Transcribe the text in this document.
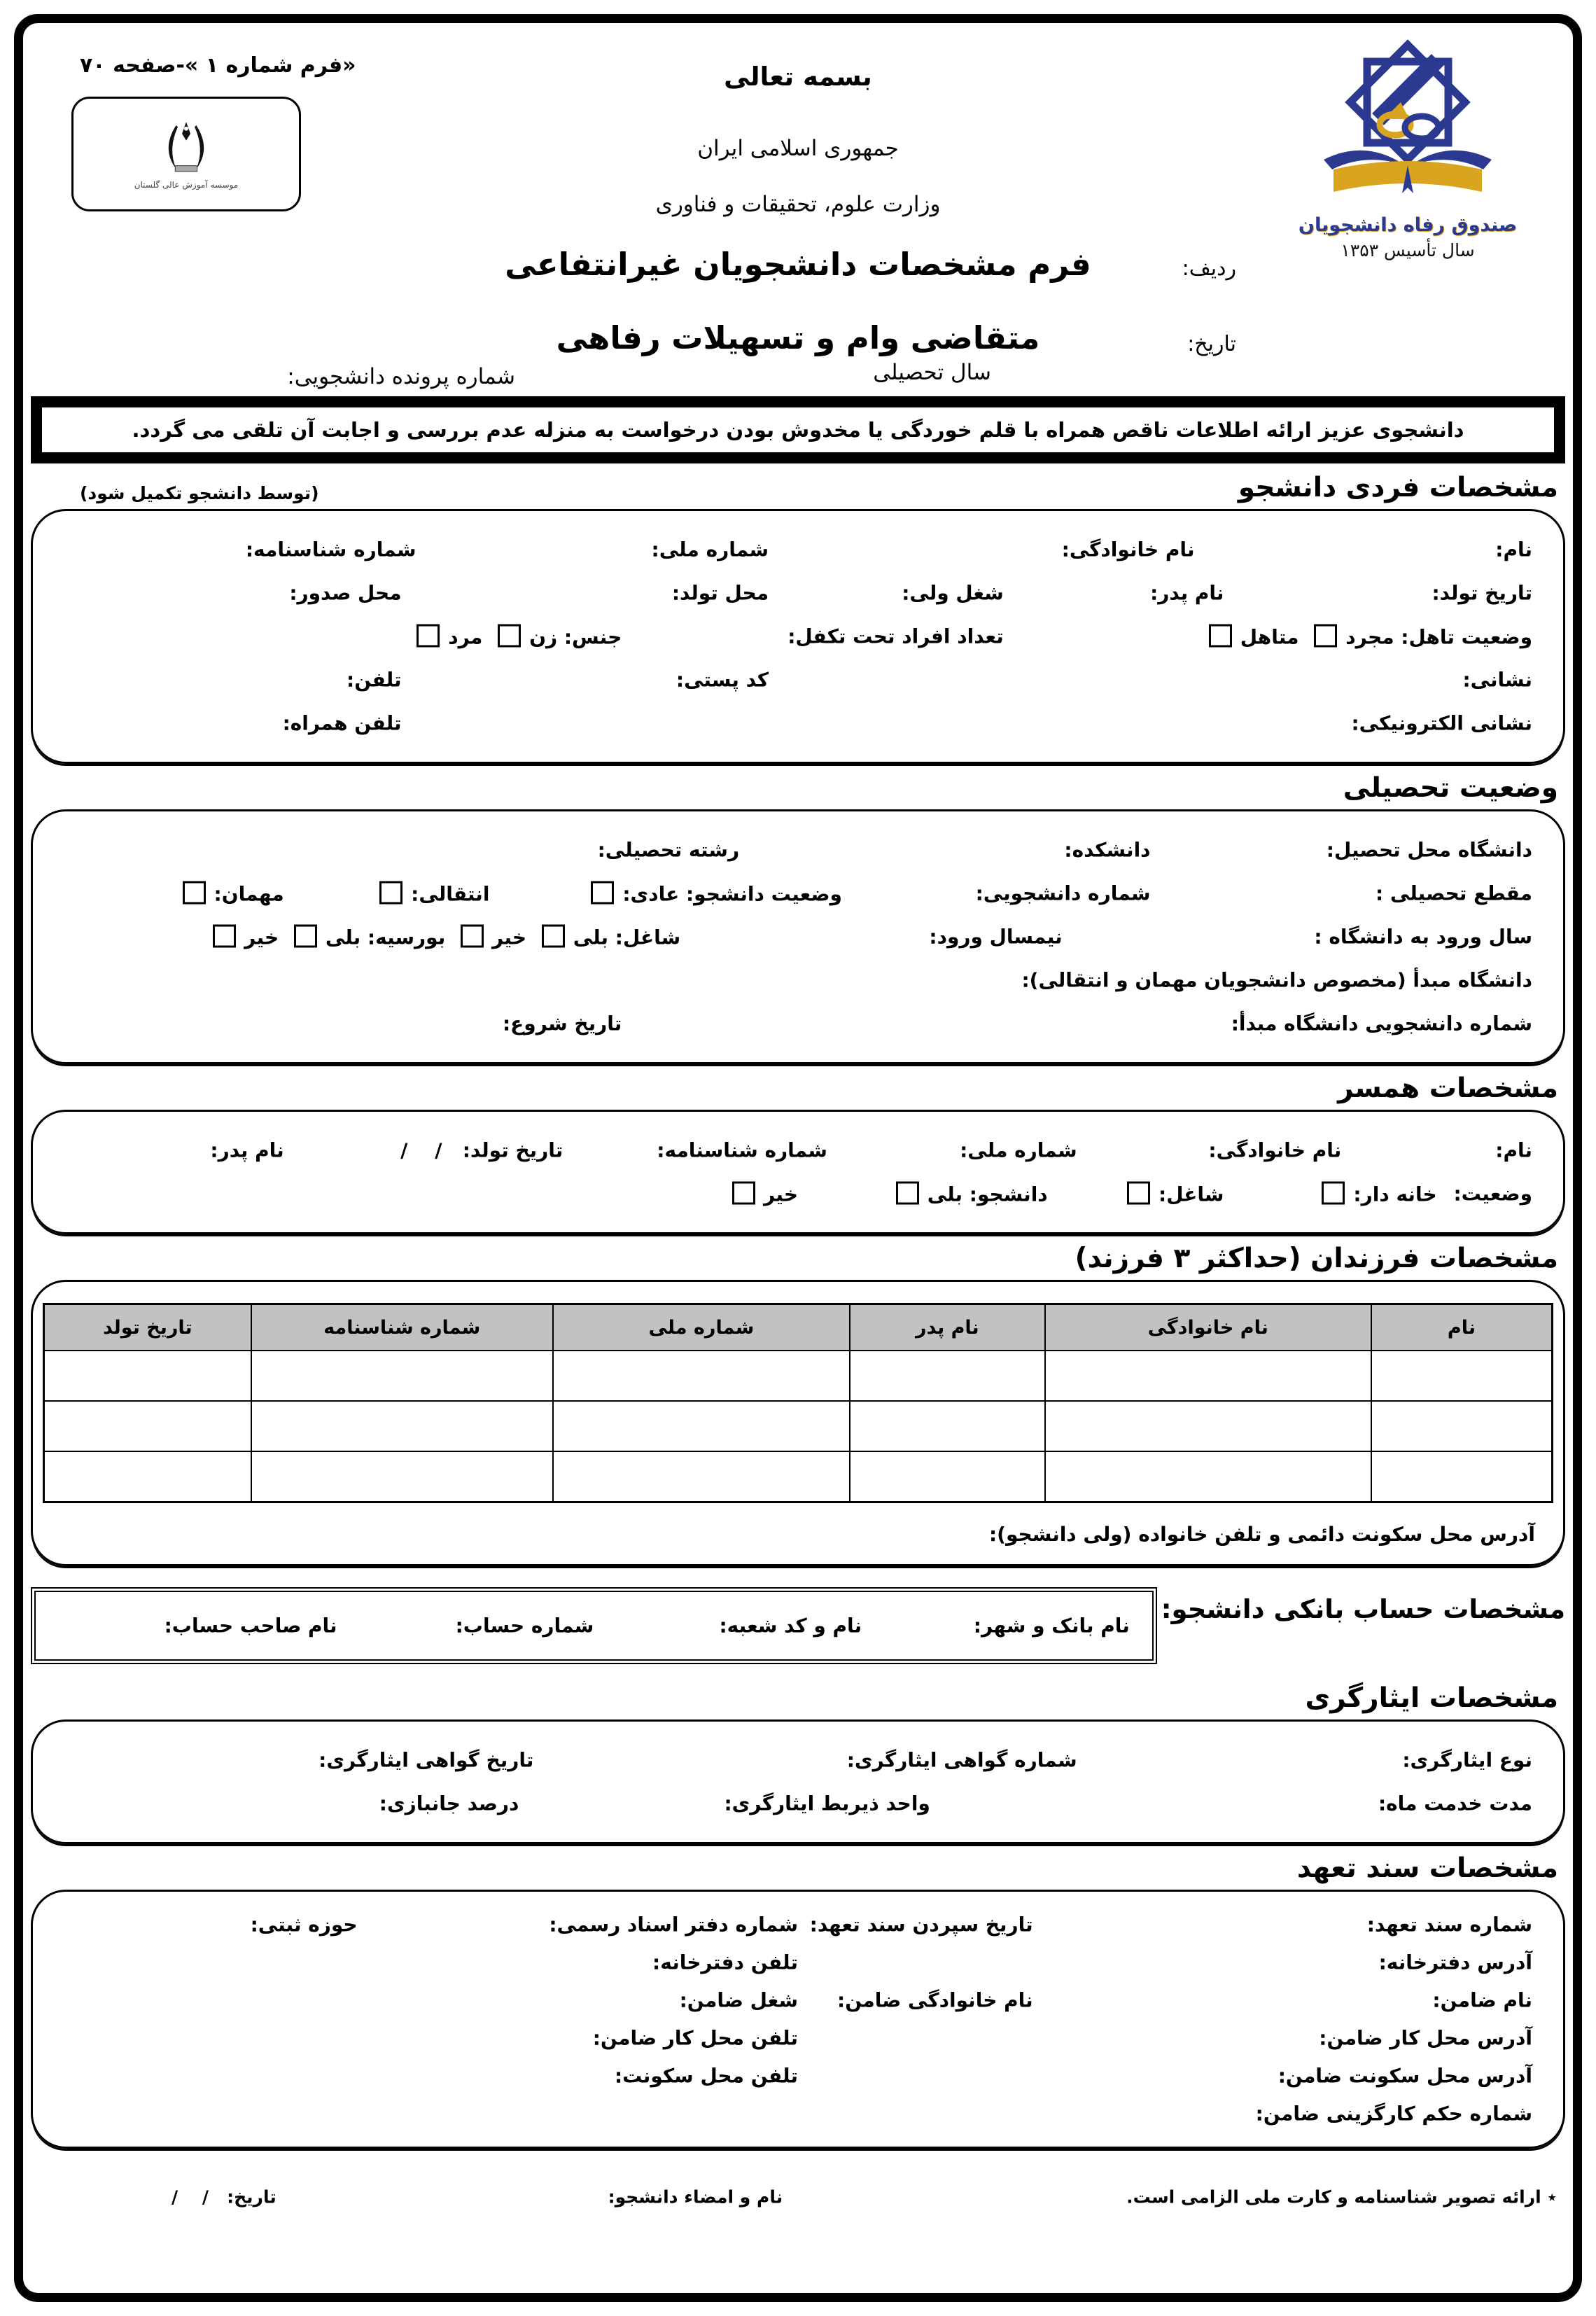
«فرم شماره ۱ »-صفحه ۷۰
موسسه آموزش عالی گلستان
بسمه تعالی
جمهوری اسلامی ایران
وزارت علوم، تحقیقات و فناوری
فرم مشخصات دانشجویان غیرانتفاعی
متقاضی وام و تسهیلات رفاهی
ردیف:
تاریخ:
سال تحصیلی
شماره پرونده دانشجویی:
صندوق رفاه دانشجویان
سال تأسیس ۱۳۵۳
دانشجوی عزیز ارائه اطلاعات ناقص همراه با قلم خوردگی یا مخدوش بودن درخواست به منزله عدم بررسی و اجابت آن تلقی می گردد.
مشخصات فردی دانشجو
(توسط دانشجو تکمیل شود)
نام:
نام خانوادگی:
شماره ملی:
شماره شناسنامه:
تاریخ تولد:
نام پدر:
شغل ولی:
محل تولد:
محل صدور:
وضعیت تاهل: مجرد متاهل
تعداد افراد تحت تکفل:
جنس: زن مرد
نشانی:
کد پستی:
تلفن:
نشانی الکترونیکی:
تلفن همراه:
وضعیت تحصیلی
دانشگاه محل تحصیل:
دانشکده:
رشته تحصیلی:
مقطع تحصیلی :
شماره دانشجویی:
وضعیت دانشجو: عادی:
انتقالی:
مهمان:
سال ورود به دانشگاه :
نیمسال ورود:
شاغل: بلی خیر بورسیه: بلی خیر
دانشگاه مبدأ (مخصوص دانشجویان مهمان و انتقالی):
شماره دانشجویی دانشگاه مبدأ:
تاریخ شروع:
مشخصات همسر
نام:
نام خانوادگی:
شماره ملی:
شماره شناسنامه:
تاریخ تولد:   /    /
نام پدر:
وضعیت:
خانه دار:
شاغل:
دانشجو: بلی
خیر
مشخصات فرزندان (حداکثر ۳ فرزند)
نام	نام خانوادگی	نام پدر	شماره ملی	شماره شناسنامه	تاریخ تولد

آدرس محل سکونت دائمی و تلفن خانواده (ولی دانشجو):
مشخصات حساب بانکی دانشجو:
نام بانک و شهر:
نام و کد شعبه:
شماره حساب:
نام صاحب حساب:
مشخصات ایثارگری
نوع ایثارگری:
شماره گواهی ایثارگری:
تاریخ گواهی ایثارگری:
مدت خدمت ماه:
واحد ذیربط ایثارگری:
درصد جانبازی:
مشخصات سند تعهد
شماره سند تعهد:
تاریخ سپردن سند تعهد:
شماره دفتر اسناد رسمی:
حوزه ثبتی:
آدرس دفترخانه:
تلفن دفترخانه:
نام ضامن:
نام خانوادگی ضامن:
شغل ضامن:
آدرس محل کار ضامن:
تلفن محل کار ضامن:
آدرس محل سکونت ضامن:
تلفن محل سکونت:
شماره حکم کارگزینی ضامن:
٭ ارائه تصویر شناسنامه و کارت ملی الزامی است.
نام و امضاء دانشجو:
تاریخ:   /    /
